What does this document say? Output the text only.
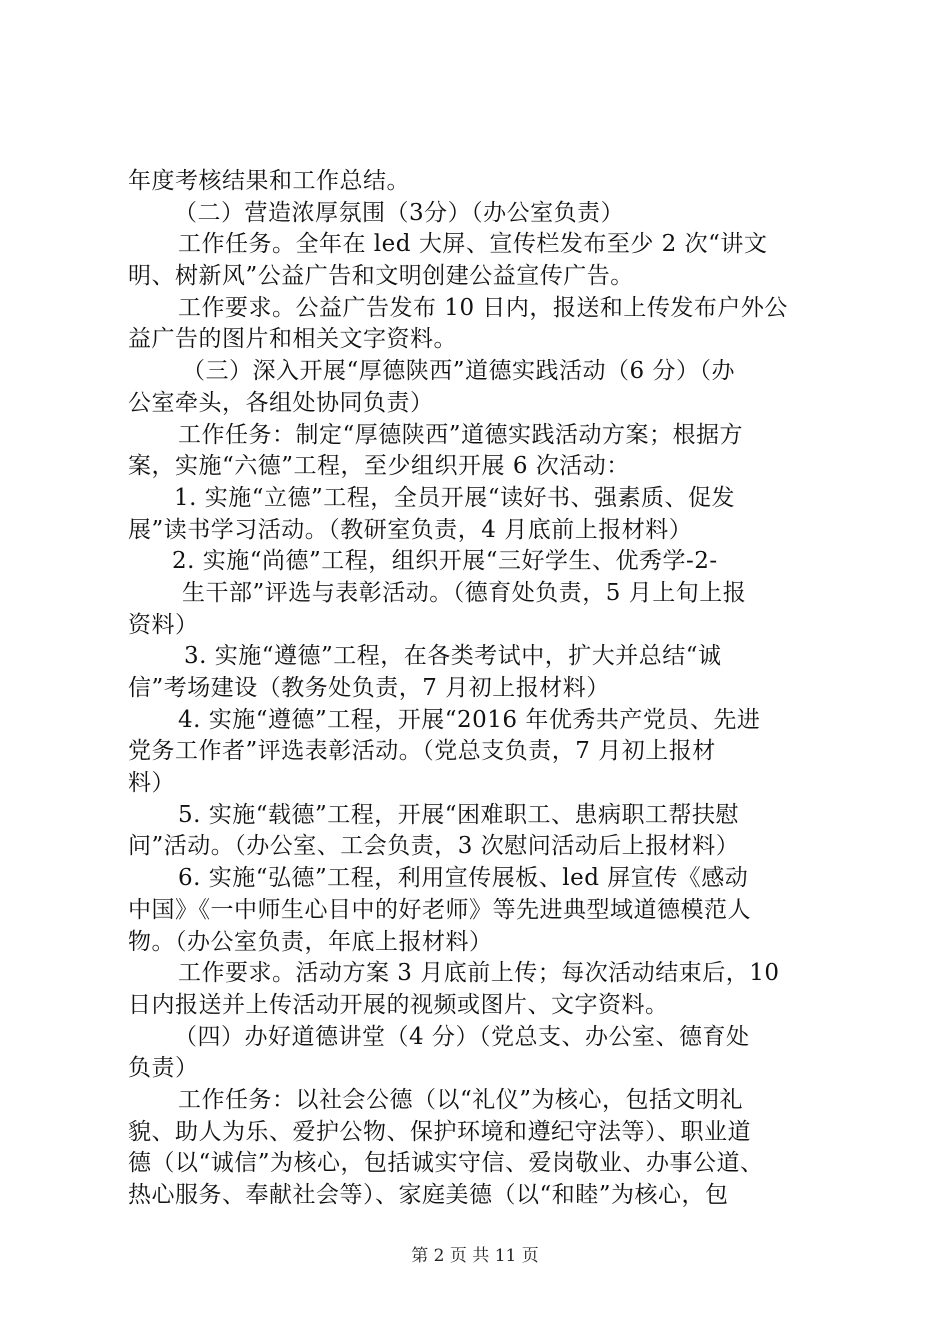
年度考核结果和工作总结。
（二）营造浓厚氛围（3分）（办公室负责）
工作任务。全年在 led 大屏、宣传栏发布至少 2 次“讲文
明、树新风”公益广告和文明创建公益宣传广告。
工作要求。公益广告发布 10 日内，报送和上传发布户外公
益广告的图片和相关文字资料。
（三）深入开展“厚德陕西”道德实践活动（6 分）（办
公室牵头，各组处协同负责）
工作任务：制定“厚德陕西”道德实践活动方案；根据方
案，实施“六德”工程，至少组织开展 6 次活动：
1. 实施“立德”工程，全员开展“读好书、强素质、促发
展”读书学习活动。（教研室负责，4 月底前上报材料）
2. 实施“尚德”工程，组织开展“三好学生、优秀学-2-
生干部”评选与表彰活动。（德育处负责，5 月上旬上报
资料）
3. 实施“遵德”工程，在各类考试中，扩大并总结“诚
信”考场建设（教务处负责，7 月初上报材料）
4. 实施“遵德”工程，开展“2016 年优秀共产党员、先进
党务工作者”评选表彰活动。（党总支负责，7 月初上报材
料）
5. 实施“载德”工程，开展“困难职工、患病职工帮扶慰
问”活动。（办公室、工会负责，3 次慰问活动后上报材料）
6. 实施“弘德”工程，利用宣传展板、led 屏宣传《感动
中国》《一中师生心目中的好老师》等先进典型域道德模范人
物。（办公室负责，年底上报材料）
工作要求。活动方案 3 月底前上传；每次活动结束后，10
日内报送并上传活动开展的视频或图片、文字资料。
（四）办好道德讲堂（4 分）（党总支、办公室、德育处
负责）
工作任务：以社会公德（以“礼仪”为核心，包括文明礼
貌、助人为乐、爱护公物、保护环境和遵纪守法等）、职业道
德（以“诚信”为核心，包括诚实守信、爱岗敬业、办事公道、
热心服务、奉献社会等）、家庭美德（以“和睦”为核心，包
第 2 页 共 11 页
